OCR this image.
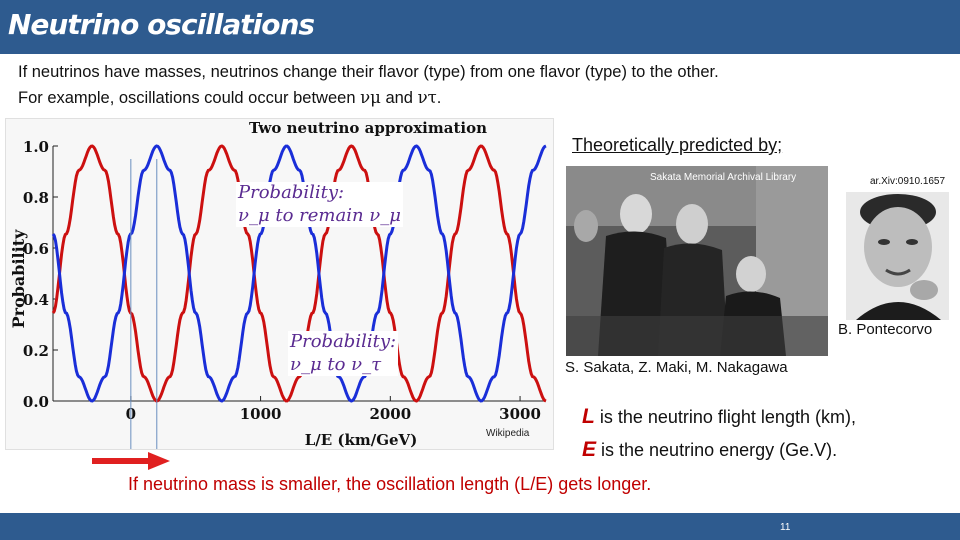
Neutrino oscillations
If neutrinos have masses, neutrinos change their flavor (type) from one flavor (type) to the other.
For example, oscillations could occur between νμ and ντ.
Two neutrino approximation
Probability
L/E (km/GeV)
0.0
0.2
0.4
0.6
0.8
1.0
0	1000	2000	3000
Probability:
ν_μ to remain ν_μ
Probability:
ν_μ to ν_τ
Wikipedia
Theoretically predicted by;
Sakata Memorial Archival Library	ar.Xiv:0910.1657
B. Pontecorvo
S. Sakata, Z. Maki, M. Nakagawa
L is the neutrino flight length (km),
E is the neutrino energy (Ge.V).
If neutrino mass is smaller, the oscillation length (L/E) gets longer.
11
